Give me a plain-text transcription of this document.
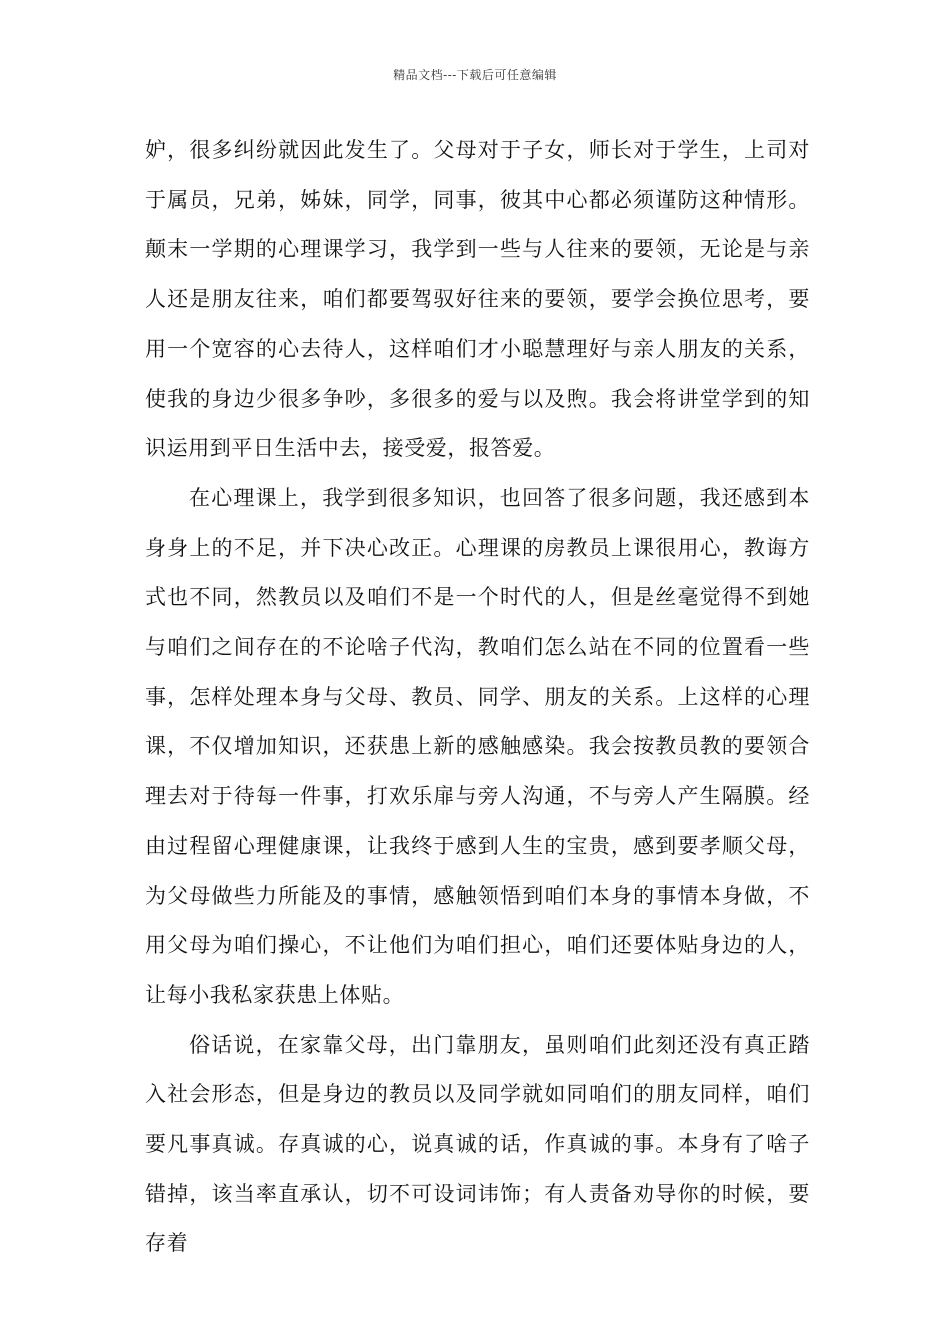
精品文档---下载后可任意编辑

妒，很多纠纷就因此发生了。父母对于子女，师长对于学生，上司对于属员，兄弟，姊妹，同学，同事，彼其中心都必须谨防这种情形。颠末一学期的心理课学习，我学到一些与人往来的要领，无论是与亲人还是朋友往来，咱们都要驾驭好往来的要领，要学会换位思考，要用一个宽容的心去待人，这样咱们才小聪慧理好与亲人朋友的关系，使我的身边少很多争吵，多很多的爱与以及煦。我会将讲堂学到的知识运用到平日生活中去，接受爱，报答爱。

在心理课上，我学到很多知识，也回答了很多问题，我还感到本身身上的不足，并下决心改正。心理课的房教员上课很用心，教诲方式也不同，然教员以及咱们不是一个时代的人，但是丝毫觉得不到她与咱们之间存在的不论啥子代沟，教咱们怎么站在不同的位置看一些事，怎样处理本身与父母、教员、同学、朋友的关系。上这样的心理课，不仅增加知识，还获患上新的感触感染。我会按教员教的要领合理去对于待每一件事，打欢乐扉与旁人沟通，不与旁人产生隔膜。经由过程留心理健康课，让我终于感到人生的宝贵，感到要孝顺父母，为父母做些力所能及的事情，感触领悟到咱们本身的事情本身做，不用父母为咱们操心，不让他们为咱们担心，咱们还要体贴身边的人，让每小我私家获患上体贴。

俗话说，在家靠父母，出门靠朋友，虽则咱们此刻还没有真正踏入社会形态，但是身边的教员以及同学就如同咱们的朋友同样，咱们要凡事真诚。存真诚的心，说真诚的话，作真诚的事。本身有了啥子错掉，该当率直承认，切不可设词讳饰；有人责备劝导你的时候，要存着
